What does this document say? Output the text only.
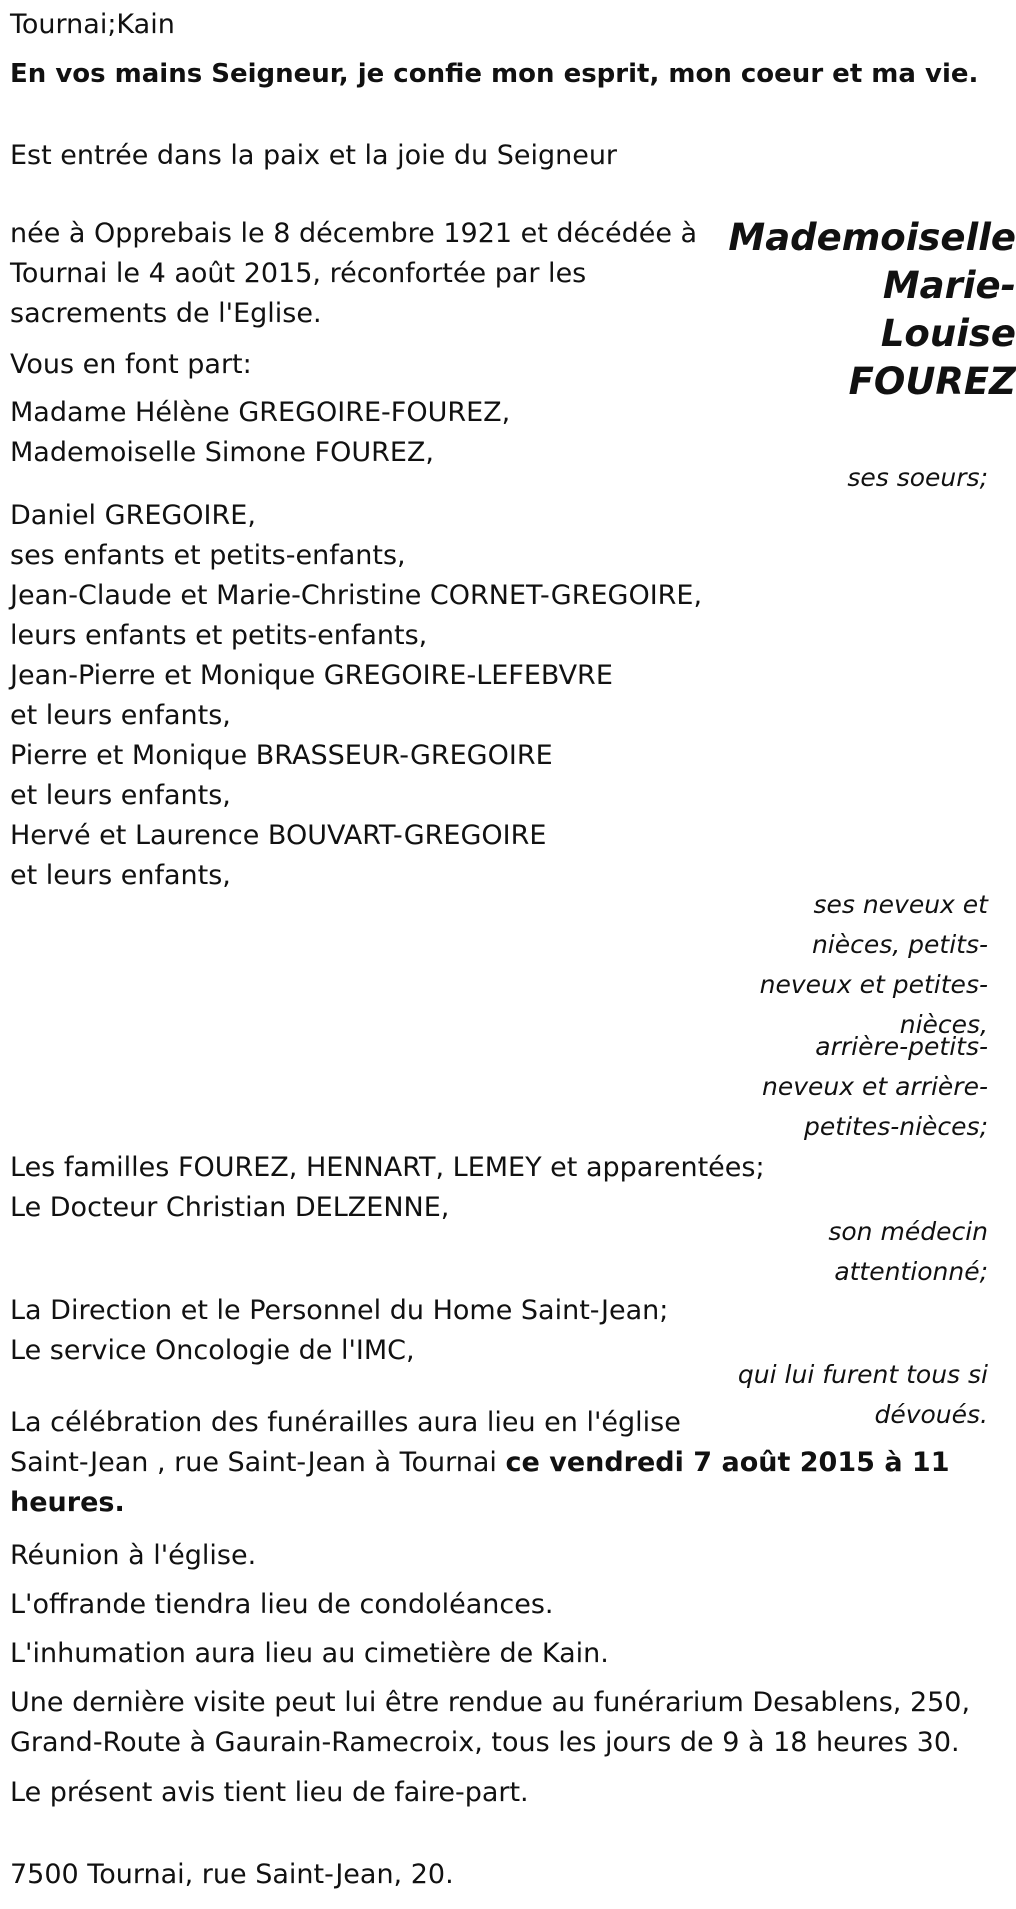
Tournai;Kain

En vos mains Seigneur, je confie mon esprit, mon coeur et ma vie.

Est entrée dans la paix et la joie du Seigneur

Mademoiselle
Marie-
Louise
FOUREZ
née à Opprebais le 8 décembre 1921 et décédée à
Tournai le 4 août 2015, réconfortée par les
sacrements de l'Eglise.

Vous en font part:

Madame Hélène GREGOIRE-FOUREZ,
Mademoiselle Simone FOUREZ,
ses soeurs;
Daniel GREGOIRE,
ses enfants et petits-enfants,
Jean-Claude et Marie-Christine CORNET-GREGOIRE,
leurs enfants et petits-enfants,
Jean-Pierre et Monique GREGOIRE-LEFEBVRE
et leurs enfants,
Pierre et Monique BRASSEUR-GREGOIRE
et leurs enfants,
Hervé et Laurence BOUVART-GREGOIRE
et leurs enfants,
ses neveux et
nièces, petits-
neveux et petites-
nièces,
arrière-petits-
neveux et arrière-
petites-nièces;
Les familles FOUREZ, HENNART, LEMEY et apparentées;
Le Docteur Christian DELZENNE,
son médecin
attentionné;
La Direction et le Personnel du Home Saint-Jean;
Le service Oncologie de l'IMC,
qui lui furent tous si
dévoués.
La célébration des funérailles aura lieu en l'église
Saint-Jean , rue Saint-Jean à Tournai ce vendredi 7 août 2015 à 11
heures.

Réunion à l'église.

L'offrande tiendra lieu de condoléances.

L'inhumation aura lieu au cimetière de Kain.

Une dernière visite peut lui être rendue au funérarium Desablens, 250,
Grand-Route à Gaurain-Ramecroix, tous les jours de 9 à 18 heures 30.

Le présent avis tient lieu de faire-part.

7500 Tournai, rue Saint-Jean, 20.
